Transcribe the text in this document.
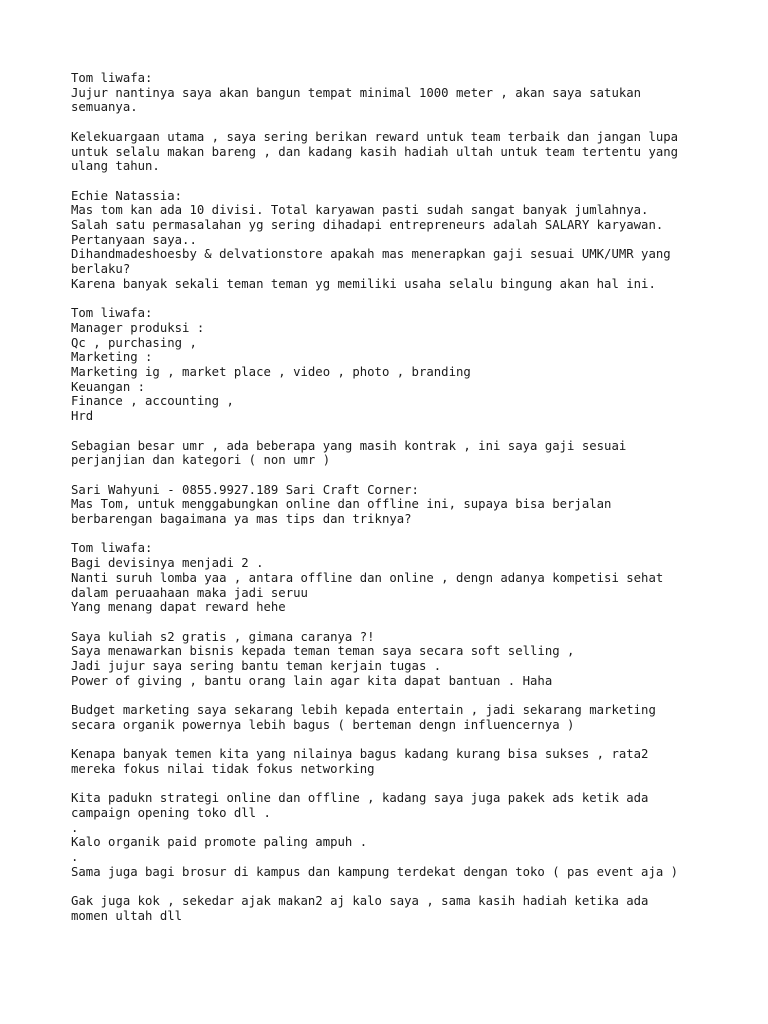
Tom liwafa:
Jujur nantinya saya akan bangun tempat minimal 1000 meter , akan saya satukan
semuanya.
Kelekuargaan utama , saya sering berikan reward untuk team terbaik dan jangan lupa
untuk selalu makan bareng , dan kadang kasih hadiah ultah untuk team tertentu yang
ulang tahun.
Echie Natassia:
Mas tom kan ada 10 divisi. Total karyawan pasti sudah sangat banyak jumlahnya.
Salah satu permasalahan yg sering dihadapi entrepreneurs adalah SALARY karyawan.
Pertanyaan saya..
Dihandmadeshoesby & delvationstore apakah mas menerapkan gaji sesuai UMK/UMR yang
berlaku?
Karena banyak sekali teman teman yg memiliki usaha selalu bingung akan hal ini.
Tom liwafa:
Manager produksi :
Qc , purchasing ,
Marketing :
Marketing ig , market place , video , photo , branding
Keuangan :
Finance , accounting ,
Hrd
Sebagian besar umr , ada beberapa yang masih kontrak , ini saya gaji sesuai
perjanjian dan kategori ( non umr )
Sari Wahyuni - 0855.9927.189 Sari Craft Corner:
Mas Tom, untuk menggabungkan online dan offline ini, supaya bisa berjalan
berbarengan bagaimana ya mas tips dan triknya?
Tom liwafa:
Bagi devisinya menjadi 2 .
Nanti suruh lomba yaa , antara offline dan online , dengn adanya kompetisi sehat
dalam peruaahaan maka jadi seruu
Yang menang dapat reward hehe
Saya kuliah s2 gratis , gimana caranya ?!
Saya menawarkan bisnis kepada teman teman saya secara soft selling ,
Jadi jujur saya sering bantu teman kerjain tugas .
Power of giving , bantu orang lain agar kita dapat bantuan . Haha
Budget marketing saya sekarang lebih kepada entertain , jadi sekarang marketing
secara organik powernya lebih bagus ( berteman dengn influencernya )
Kenapa banyak temen kita yang nilainya bagus kadang kurang bisa sukses , rata2
mereka fokus nilai tidak fokus networking
Kita padukn strategi online dan offline , kadang saya juga pakek ads ketik ada
campaign opening toko dll .
.
Kalo organik paid promote paling ampuh .
.
Sama juga bagi brosur di kampus dan kampung terdekat dengan toko ( pas event aja )
Gak juga kok , sekedar ajak makan2 aj kalo saya , sama kasih hadiah ketika ada
momen ultah dll
